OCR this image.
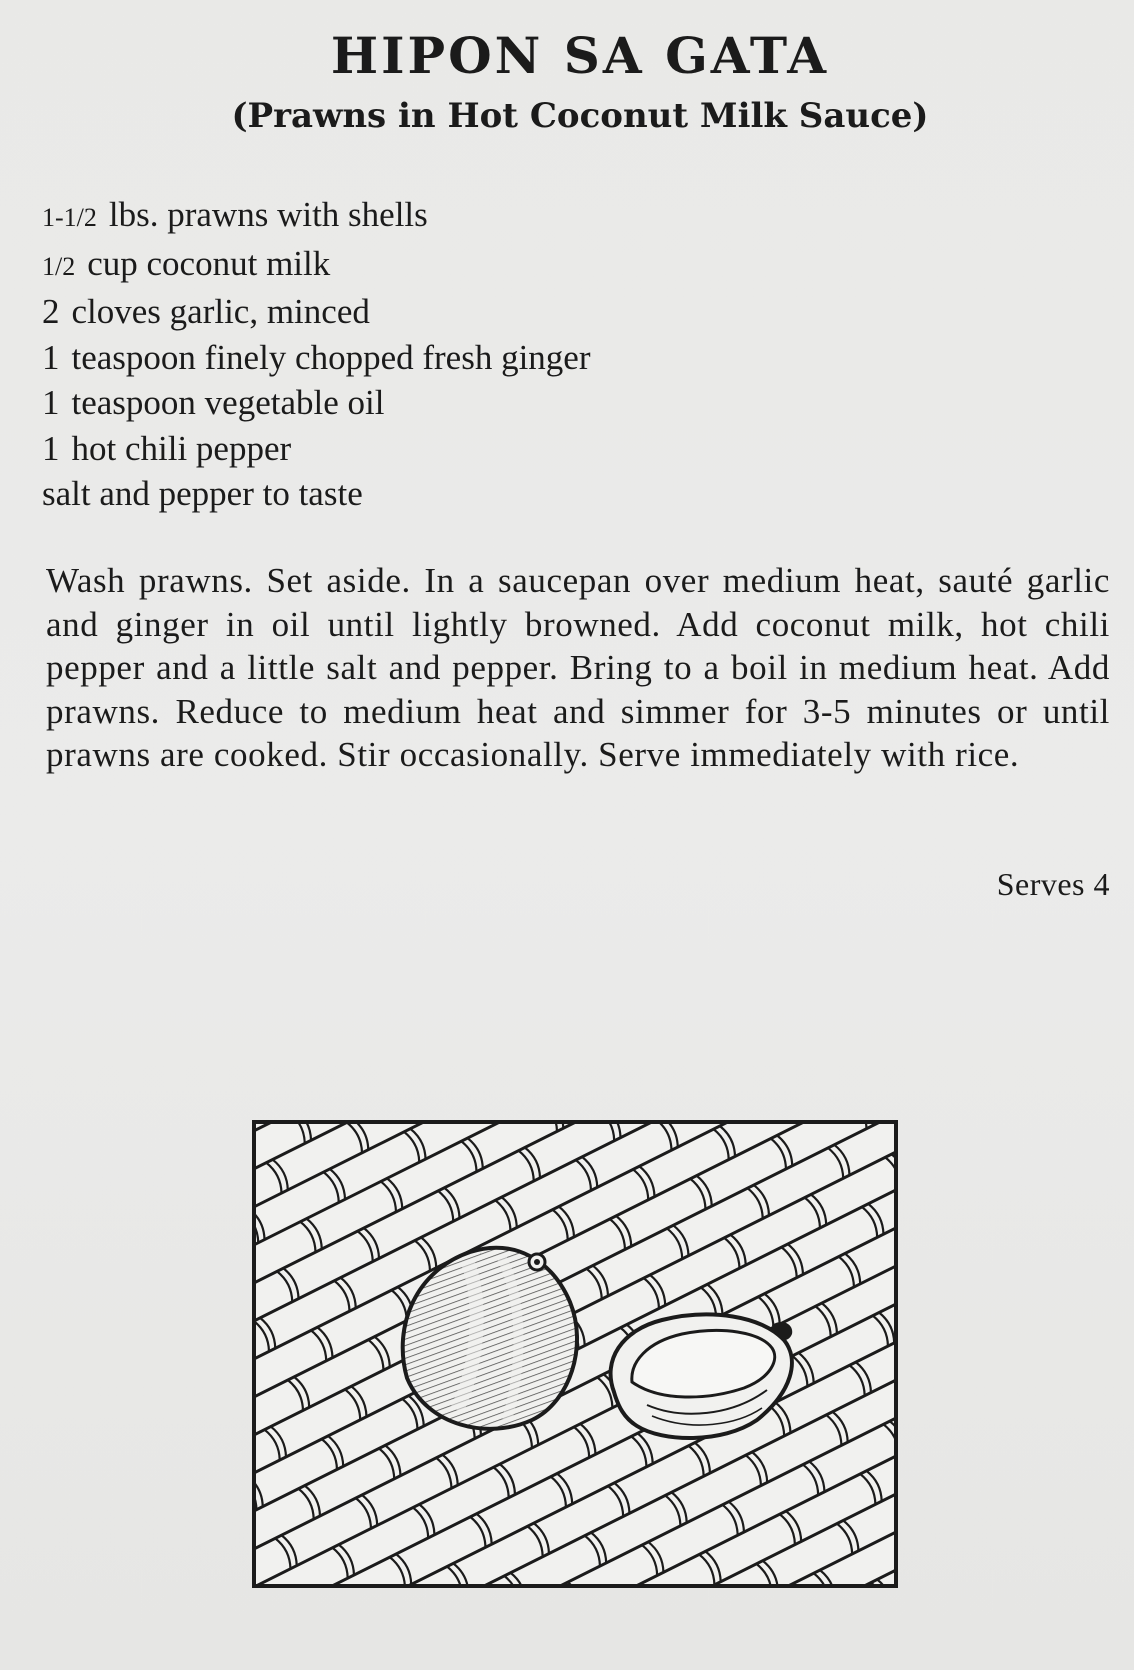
HIPON SA GATA
(Prawns in Hot Coconut Milk Sauce)
1-1/2 lbs. prawns with shells
1/2 cup coconut milk
2 cloves garlic, minced
1 teaspoon finely chopped fresh ginger
1 teaspoon vegetable oil
1 hot chili pepper
salt and pepper to taste

Wash prawns. Set aside. In a saucepan over medium heat, sauté garlic and ginger in oil until lightly browned. Add coconut milk, hot chili pepper and a little salt and pepper. Bring to a boil in medium heat. Add prawns. Reduce to medium heat and simmer for 3-5 minutes or until prawns are cooked. Stir occasionally. Serve immediately with rice.

Serves 4
